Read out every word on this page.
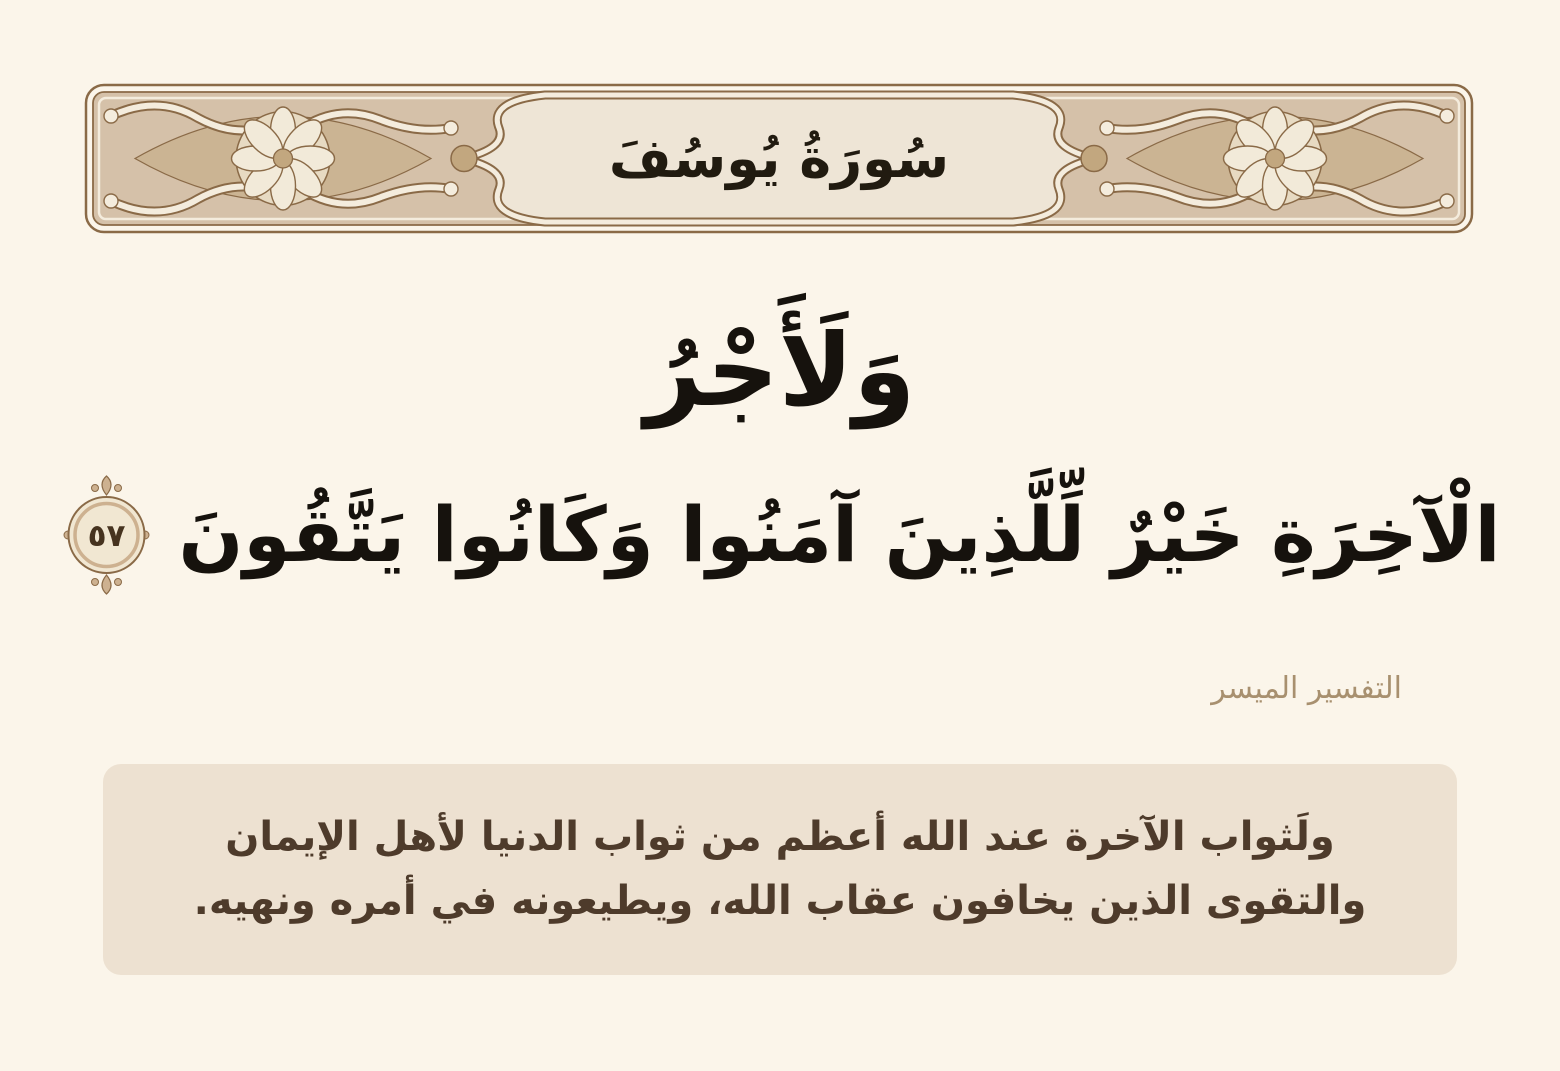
سُورَةُ يُوسُفَ
وَلَأَجْرُ
الْآخِرَةِ خَيْرٌ لِّلَّذِينَ آمَنُوا وَكَانُوا يَتَّقُونَ
٥٧
التفسير الميسر
ولَثواب الآخرة عند الله أعظم من ثواب الدنيا لأهل الإيمان والتقوى الذين يخافون عقاب الله، ويطيعونه في أمره ونهيه.
